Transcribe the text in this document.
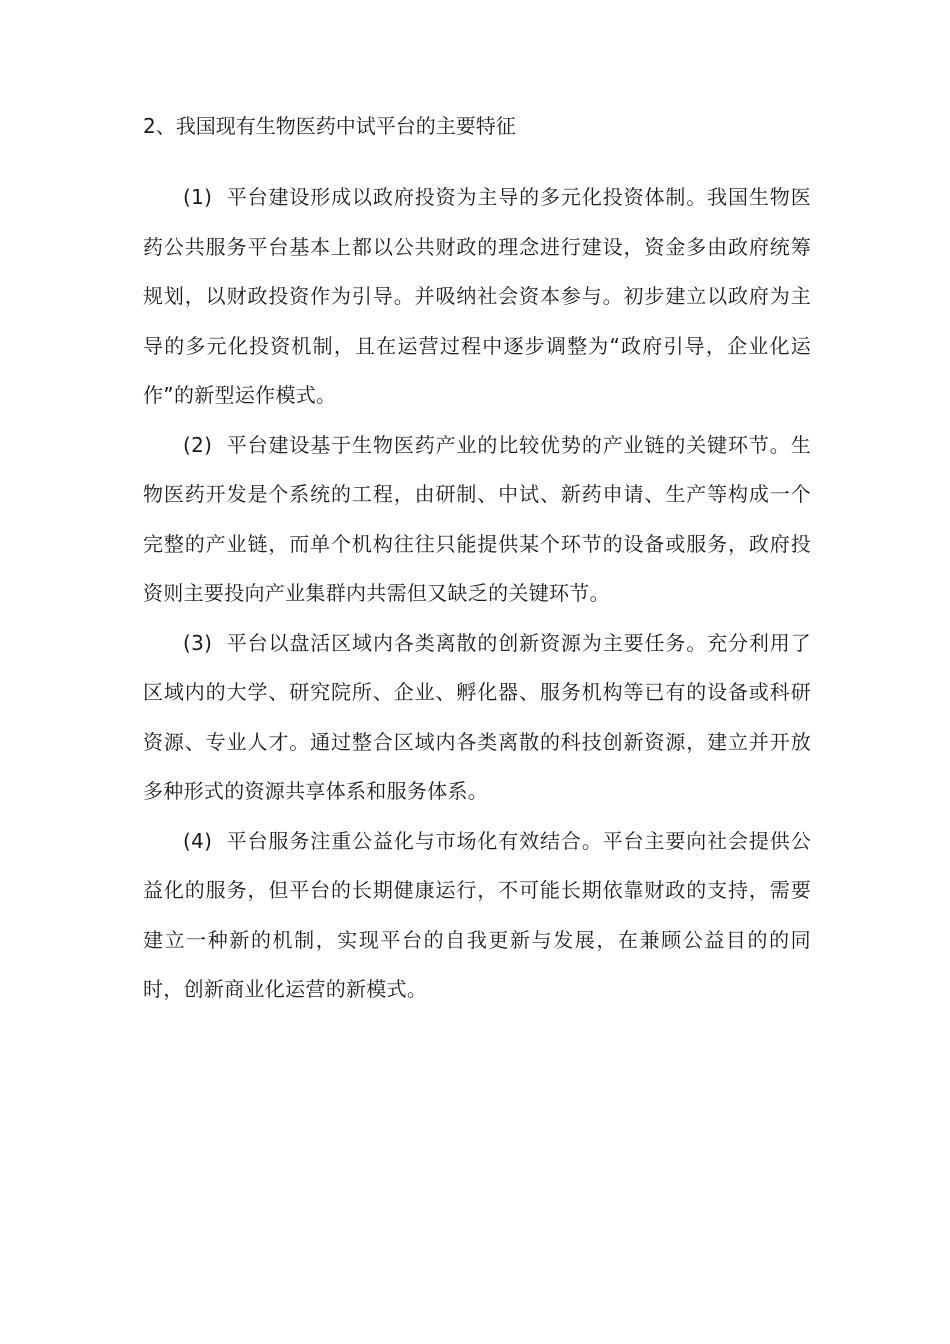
2、我国现有生物医药中试平台的主要特征

(1) 平台建设形成以政府投资为主导的多元化投资体制。我国生物医药公共服务平台基本上都以公共财政的理念进行建设，资金多由政府统筹规划，以财政投资作为引导。并吸纳社会资本参与。初步建立以政府为主导的多元化投资机制，且在运营过程中逐步调整为“政府引导，企业化运作”的新型运作模式。

(2) 平台建设基于生物医药产业的比较优势的产业链的关键环节。生物医药开发是个系统的工程，由研制、中试、新药申请、生产等构成一个完整的产业链，而单个机构往往只能提供某个环节的设备或服务，政府投资则主要投向产业集群内共需但又缺乏的关键环节。

(3) 平台以盘活区域内各类离散的创新资源为主要任务。充分利用了区域内的大学、研究院所、企业、孵化器、服务机构等已有的设备或科研资源、专业人才。通过整合区域内各类离散的科技创新资源，建立并开放多种形式的资源共享体系和服务体系。

(4) 平台服务注重公益化与市场化有效结合。平台主要向社会提供公益化的服务，但平台的长期健康运行，不可能长期依靠财政的支持，需要建立一种新的机制，实现平台的自我更新与发展，在兼顾公益目的的同时，创新商业化运营的新模式。
